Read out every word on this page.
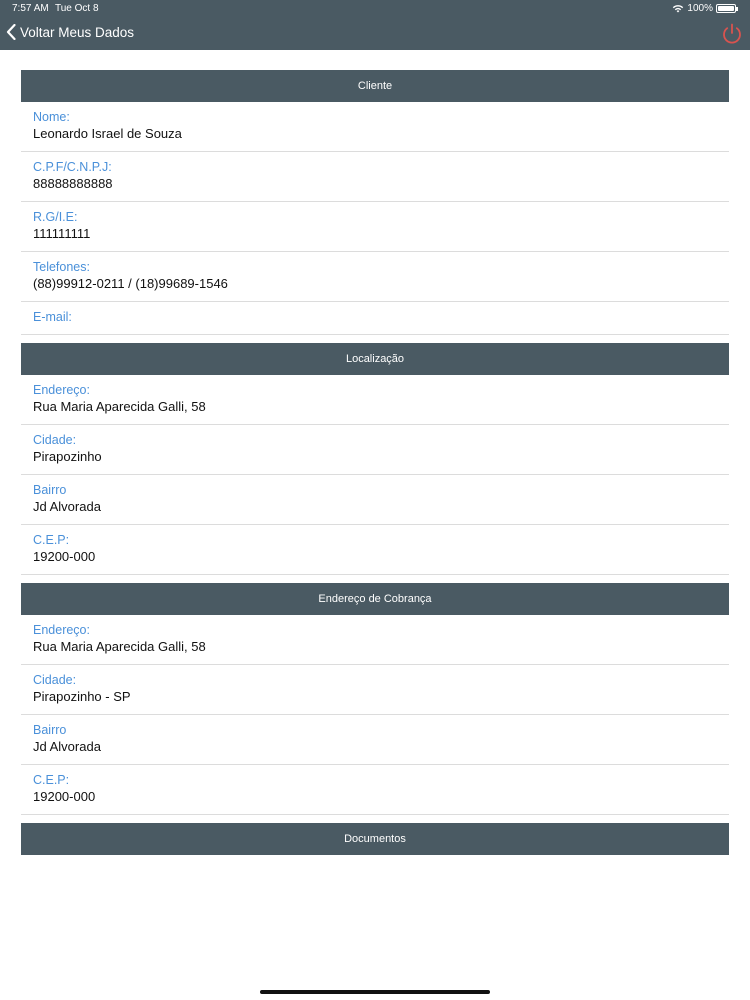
7:57 AM Tue Oct 8	100%
Voltar Meus Dados
Cliente
Nome:
Leonardo Israel de Souza
C.P.F/C.N.P.J:
88888888888
R.G/I.E:
111111111
Telefones:
(88)99912-0211 / (18)99689-1546
E-mail:
Localização
Endereço:
Rua Maria Aparecida Galli, 58
Cidade:
Pirapozinho
Bairro
Jd Alvorada
C.E.P:
19200-000
Endereço de Cobrança
Endereço:
Rua Maria Aparecida Galli, 58
Cidade:
Pirapozinho - SP
Bairro
Jd Alvorada
C.E.P:
19200-000
Documentos
